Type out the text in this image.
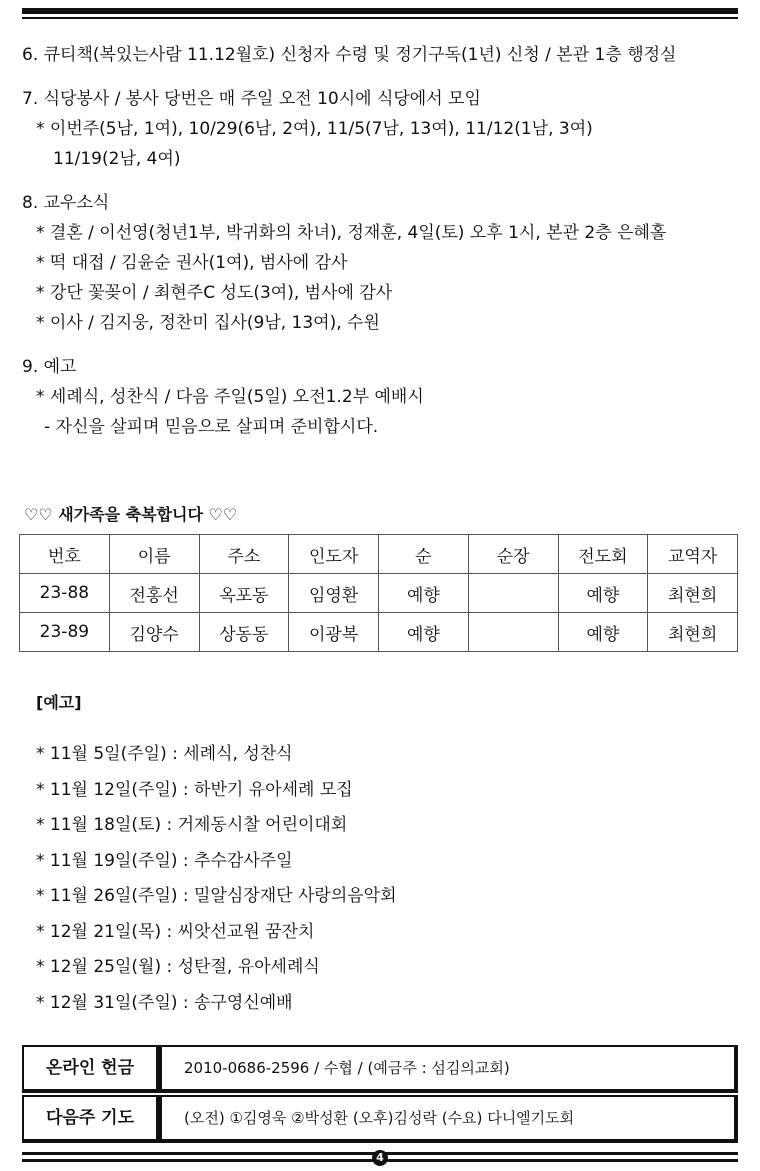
6. 큐티책(복있는사람 11.12월호) 신청자 수령 및 정기구독(1년) 신청 / 본관 1층 행정실
7. 식당봉사 / 봉사 당번은 매 주일 오전 10시에 식당에서 모임
* 이번주(5남, 1여), 10/29(6남, 2여), 11/5(7남, 13여), 11/12(1남, 3여)
11/19(2남, 4여)
8. 교우소식
* 결혼 / 이선영(청년1부, 박귀화의 차녀), 정재훈, 4일(토) 오후 1시, 본관 2층 은혜홀
* 떡 대접 / 김윤순 권사(1여), 범사에 감사
* 강단 꽃꽂이 / 최현주C 성도(3여), 범사에 감사
* 이사 / 김지웅, 정찬미 집사(9남, 13여), 수원
9. 예고
* 세례식, 성찬식 / 다음 주일(5일) 오전1.2부 예배시
- 자신을 살피며 믿음으로 살피며 준비합시다.
♡♡ 새가족을 축복합니다 ♡♡
번호	이름	주소	인도자	순	순장	전도회	교역자
23-88	전홍선	옥포동	임영환	예향		예향	최현희
23-89	김양수	상동동	이광복	예향		예향	최현희
[예고]
* 11월 5일(주일) : 세례식, 성찬식
* 11월 12일(주일) : 하반기 유아세례 모집
* 11월 18일(토) : 거제동시찰 어린이대회
* 11월 19일(주일) : 추수감사주일
* 11월 26일(주일) : 밀알심장재단 사랑의음악회
* 12월 21일(목) : 씨앗선교원 꿈잔치
* 12월 25일(월) : 성탄절, 유아세례식
* 12월 31일(주일) : 송구영신예배
온라인 헌금	2010-0686-2596 / 수협 / (예금주 : 섬김의교회)
다음주 기도	(오전) ①김영욱 ②박성환 (오후)김성락 (수요) 다니엘기도회
4
